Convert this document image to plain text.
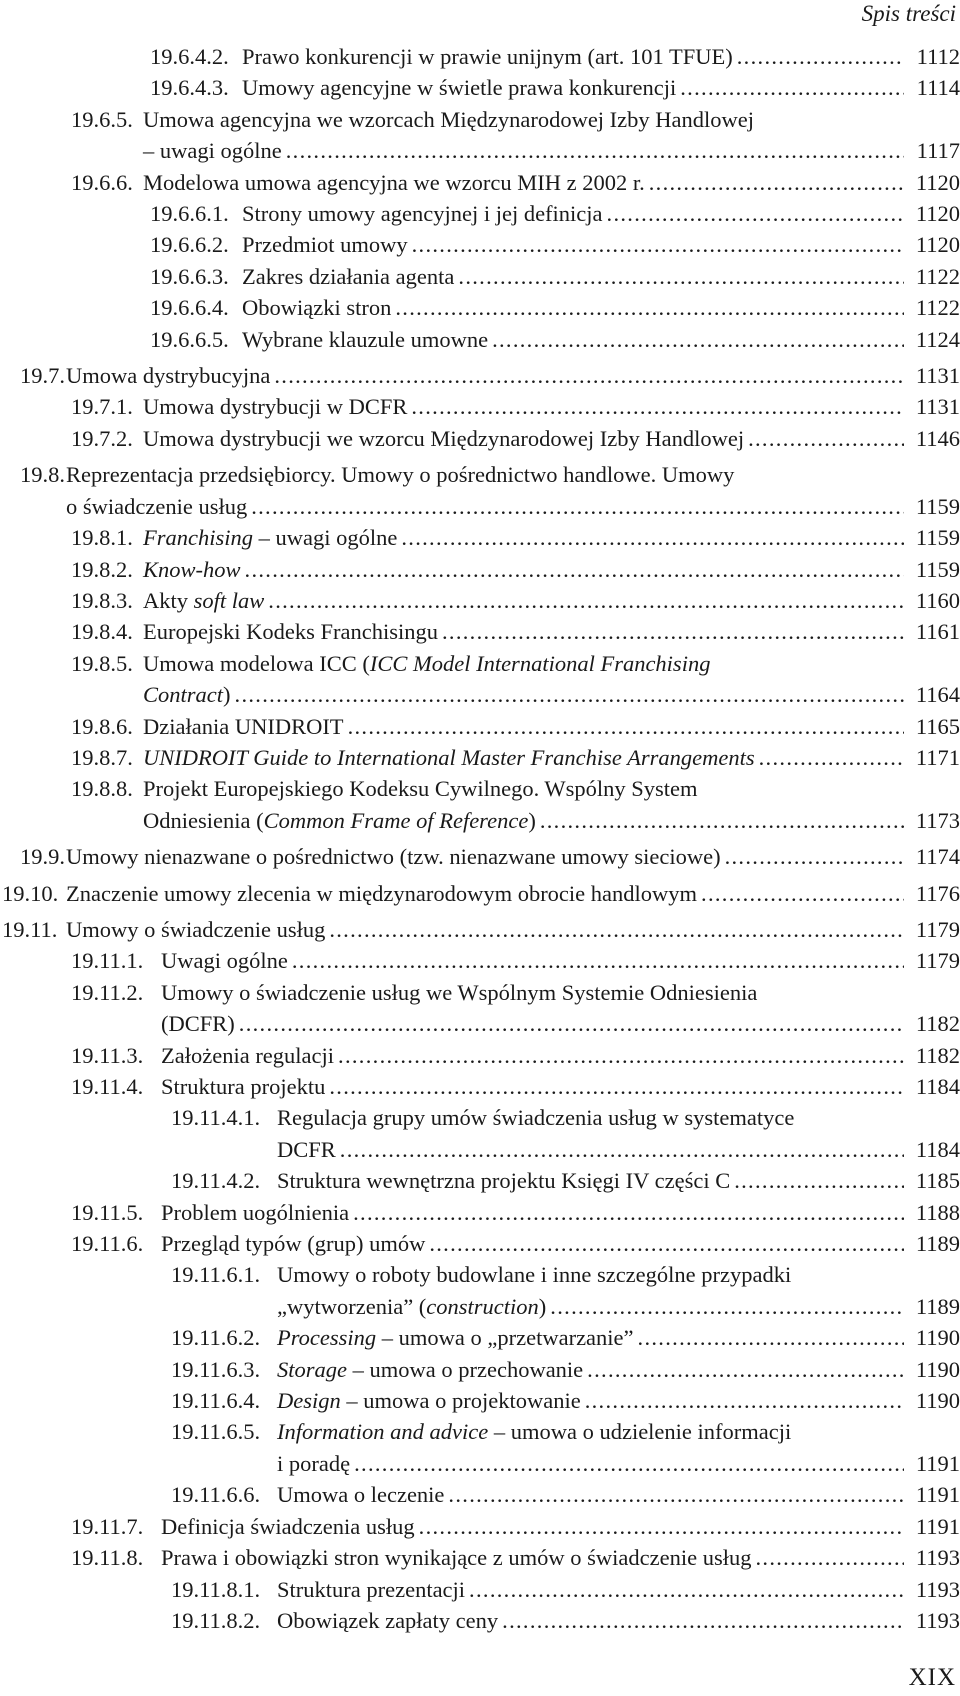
Spis treści
19.6.4.2. Prawo konkurencji w prawie unijnym (art. 101 TFUE) .....	1112
19.6.4.3. Umowy agencyjne w świetle prawa konkurencji .....	1114
19.6.5. Umowa agencyjna we wzorcach Międzynarodowej Izby Handlowej
– uwagi ogólne .....	1117
19.6.6. Modelowa umowa agencyjna we wzorcu MIH z 2002 r. .....	1120
19.6.6.1. Strony umowy agencyjnej i jej definicja .....	1120
19.6.6.2. Przedmiot umowy .....	1120
19.6.6.3. Zakres działania agenta .....	1122
19.6.6.4. Obowiązki stron .....	1122
19.6.6.5. Wybrane klauzule umowne .....	1124
19.7. Umowa dystrybucyjna .....	1131
19.7.1. Umowa dystrybucji w DCFR .....	1131
19.7.2. Umowa dystrybucji we wzorcu Międzynarodowej Izby Handlowej .....	1146
19.8. Reprezentacja przedsiębiorcy. Umowy o pośrednictwo handlowe. Umowy
o świadczenie usług .....	1159
19.8.1. Franchising – uwagi ogólne .....	1159
19.8.2. Know-how .....	1159
19.8.3. Akty soft law .....	1160
19.8.4. Europejski Kodeks Franchisingu .....	1161
19.8.5. Umowa modelowa ICC (ICC Model International Franchising
Contract) .....	1164
19.8.6. Działania UNIDROIT .....	1165
19.8.7. UNIDROIT Guide to International Master Franchise Arrangements .....	1171
19.8.8. Projekt Europejskiego Kodeksu Cywilnego. Wspólny System
Odniesienia (Common Frame of Reference) .....	1173
19.9. Umowy nienazwane o pośrednictwo (tzw. nienazwane umowy sieciowe) .....	1174
19.10. Znaczenie umowy zlecenia w międzynarodowym obrocie handlowym .....	1176
19.11. Umowy o świadczenie usług .....	1179
19.11.1. Uwagi ogólne .....	1179
19.11.2. Umowy o świadczenie usług we Wspólnym Systemie Odniesienia
(DCFR) .....	1182
19.11.3. Założenia regulacji .....	1182
19.11.4. Struktura projektu .....	1184
19.11.4.1. Regulacja grupy umów świadczenia usług w systematyce
DCFR .....	1184
19.11.4.2. Struktura wewnętrzna projektu Księgi IV części C .....	1185
19.11.5. Problem uogólnienia .....	1188
19.11.6. Przegląd typów (grup) umów .....	1189
19.11.6.1. Umowy o roboty budowlane i inne szczególne przypadki
„wytworzenia” (construction) .....	1189
19.11.6.2. Processing – umowa o „przetwarzanie” .....	1190
19.11.6.3. Storage – umowa o przechowanie .....	1190
19.11.6.4. Design – umowa o projektowanie .....	1190
19.11.6.5. Information and advice – umowa o udzielenie informacji
i poradę .....	1191
19.11.6.6. Umowa o leczenie .....	1191
19.11.7. Definicja świadczenia usług .....	1191
19.11.8. Prawa i obowiązki stron wynikające z umów o świadczenie usług .....	1193
19.11.8.1. Struktura prezentacji .....	1193
19.11.8.2. Obowiązek zapłaty ceny .....	1193
XIX
